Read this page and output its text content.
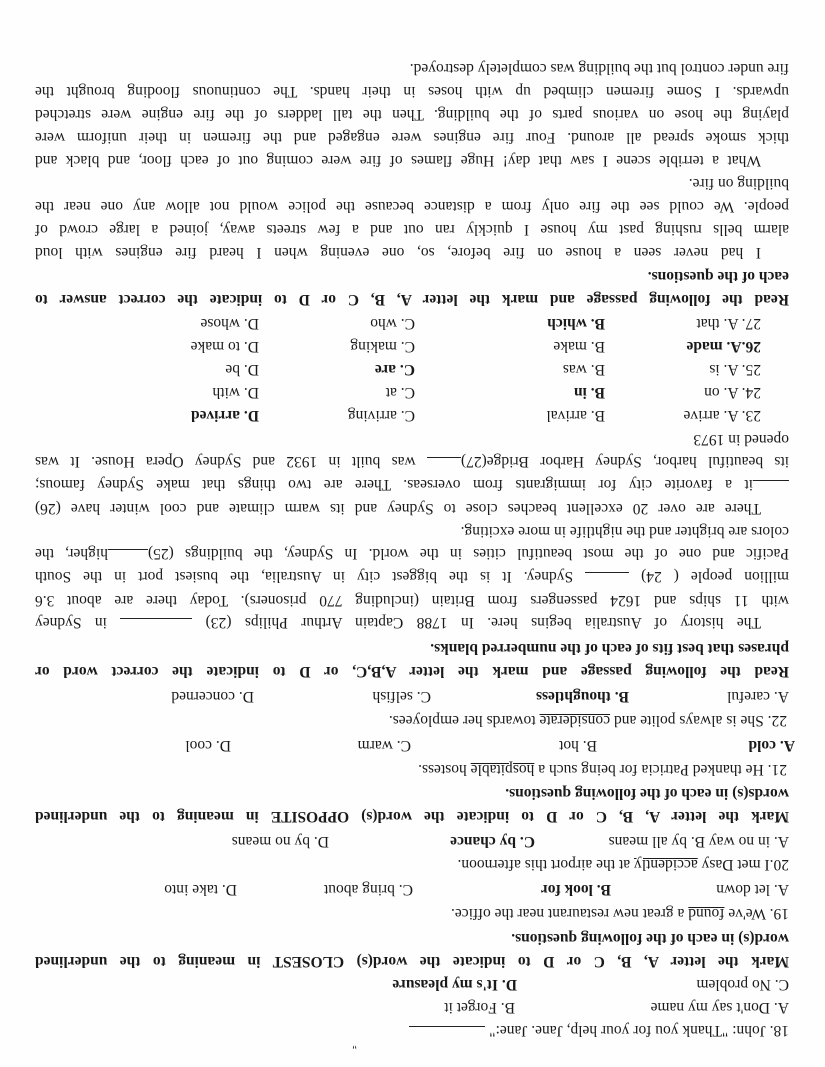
18. John: "Thank you for your help, Jane. Jane:"
"
A. Don't say my name
B. Forget it
C. No problem
D. It's my pleasure
Mark the letter A, B, C or D to indicate the word(s) CLOSEST in meaning to the underlined
word(s) in each of the following questions.
19. We've found a great new restaurant near the office.
A. let down
B. look for
C. bring about
D. take into
20.I met Dasy accidently at the airport this afternoon.
A. in no way B. by all means
C. by chance
D. by no means
Mark the letter A, B, C or D to indicate the word(s) OPPOSITE in meaning to the underlined
words(s) in each of the following questions.
21. He thanked Patricia for being such a hospitable hostess.
A. cold
B. hot
C. warm
D. cool
22. She is always polite and considerate towards her employees.
A. careful
B. thoughtless
C. selfish
D. concerned
Read the following passage and mark the letter A,B,C, or D to indicate the correct word or
phrases that best fits of each of the numberred blanks.
The history of Australia begins here. In 1788 Captain Arthur Philips (23)  in Sydney
with 11 ships and 1624 passengers from Britain (including 770 prisoners). Today there are about 3.6
million people ( 24)  Sydney. It is the biggest city in Australia, the busiest port in the South
Pacific and one of the most beautiful cities in the world. In Sydney, the buildings (25)higher, the
colors are brighter and the nightlife in more exciting.
There are over 20 excellent beaches close to Sydney and its warm climate and cool winter have (26)
it a favorite city for immigrants from overseas. There are two things that make Sydney famous;
its beautiful harbor, Sydney Harbor Bridge(27) was built in 1932 and Sydney Opera House. It was
opened in 1973
23. A. arrive
B. arrival
C. arriving
D. arrived
24. A. on
B. in
C. at
D. with
25. A. is
B. was
C. are
D. be
26.A. made
B. make
C. making
D. to make
27. A. that
B. which
C. who
D. whose
Read the following passage and mark the letter A, B, C or D to indicate the correct answer to
each of the questions.
I had never seen a house on fire before, so, one evening when I heard fire engines with loud
alarm bells rushing past my house I quickly ran out and a few streets away, joined a large crowd of
people. We could see the fire only from a distance because the police would not allow any one near the
building on fire.
What a terrible scene I saw that day! Huge flames of fire were coming out of each floor, and black and
thick smoke spread all around. Four fire engines were engaged and the firemen in their uniform were
playing the hose on various parts of the building. Then the tall ladders of the fire engine were stretched
upwards. I Some firemen climbed up with hoses in their hands. The continuous flooding brought the
fire under control but the building was completely destroyed.
